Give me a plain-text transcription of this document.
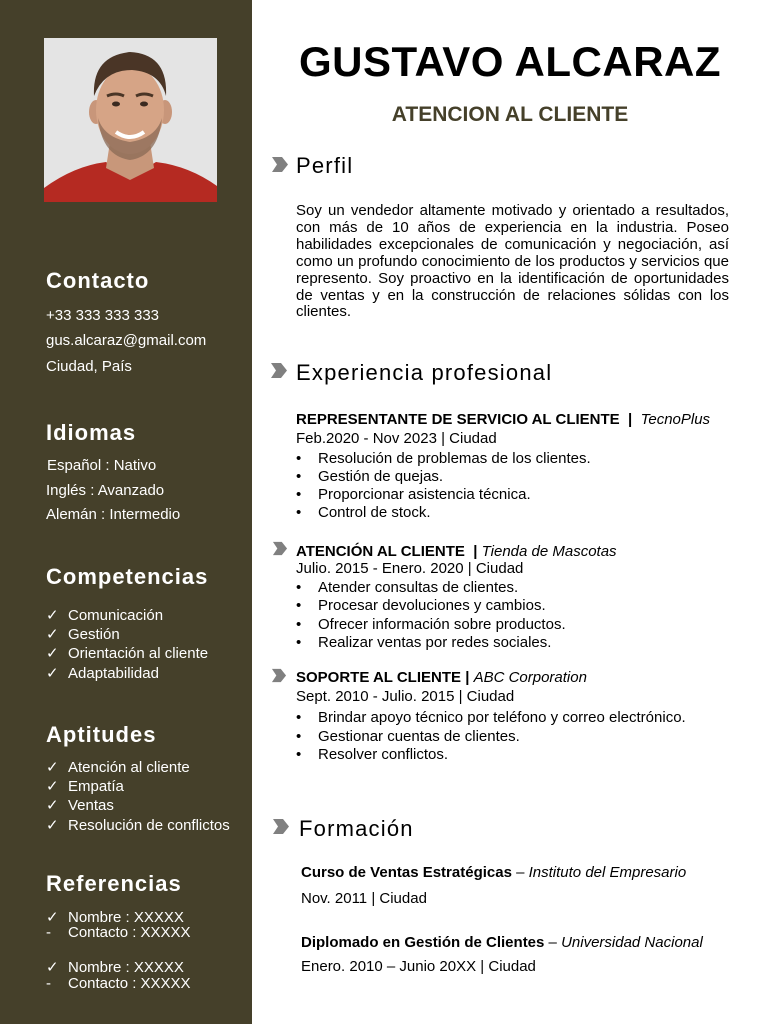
Contacto
+33 333 333 333
gus.alcaraz@gmail.com
Ciudad, País
Idiomas
Español : Nativo
Inglés : Avanzado
Alemán : Intermedio
Competencias
✓ Comunicación
✓ Gestión
✓ Orientación al cliente
✓ Adaptabilidad
Aptitudes
✓ Atención al cliente
✓ Empatía
✓ Ventas
✓ Resolución de conflictos
Referencias
✓ Nombre : XXXXX
- Contacto : XXXXX
✓ Nombre : XXXXX
- Contacto : XXXXX
GUSTAVO ALCARAZ
ATENCION AL CLIENTE
Perfil
Soy un vendedor altamente motivado y orientado a resultados, con más de 10 años de experiencia en la industria. Poseo habilidades excepcionales de comunicación y negociación, así como un profundo conocimiento de los productos y servicios que represento. Soy proactivo en la identificación de oportunidades de ventas y en la construcción de relaciones sólidas con los clientes.
Experiencia profesional
REPRESENTANTE DE SERVICIO AL CLIENTE | TecnoPlus
Feb.2020 - Nov 2023 | Ciudad
• Resolución de problemas de los clientes.
• Gestión de quejas.
• Proporcionar asistencia técnica.
• Control de stock.
ATENCIÓN AL CLIENTE | Tienda de Mascotas
Julio. 2015 - Enero. 2020 | Ciudad
• Atender consultas de clientes.
• Procesar devoluciones y cambios.
• Ofrecer información sobre productos.
• Realizar ventas por redes sociales.
SOPORTE AL CLIENTE | ABC Corporation
Sept. 2010 - Julio. 2015 | Ciudad
• Brindar apoyo técnico por teléfono y correo electrónico.
• Gestionar cuentas de clientes.
• Resolver conflictos.
Formación
Curso de Ventas Estratégicas – Instituto del Empresario
Nov. 2011 | Ciudad
Diplomado en Gestión de Clientes – Universidad Nacional
Enero. 2010 – Junio 20XX | Ciudad
